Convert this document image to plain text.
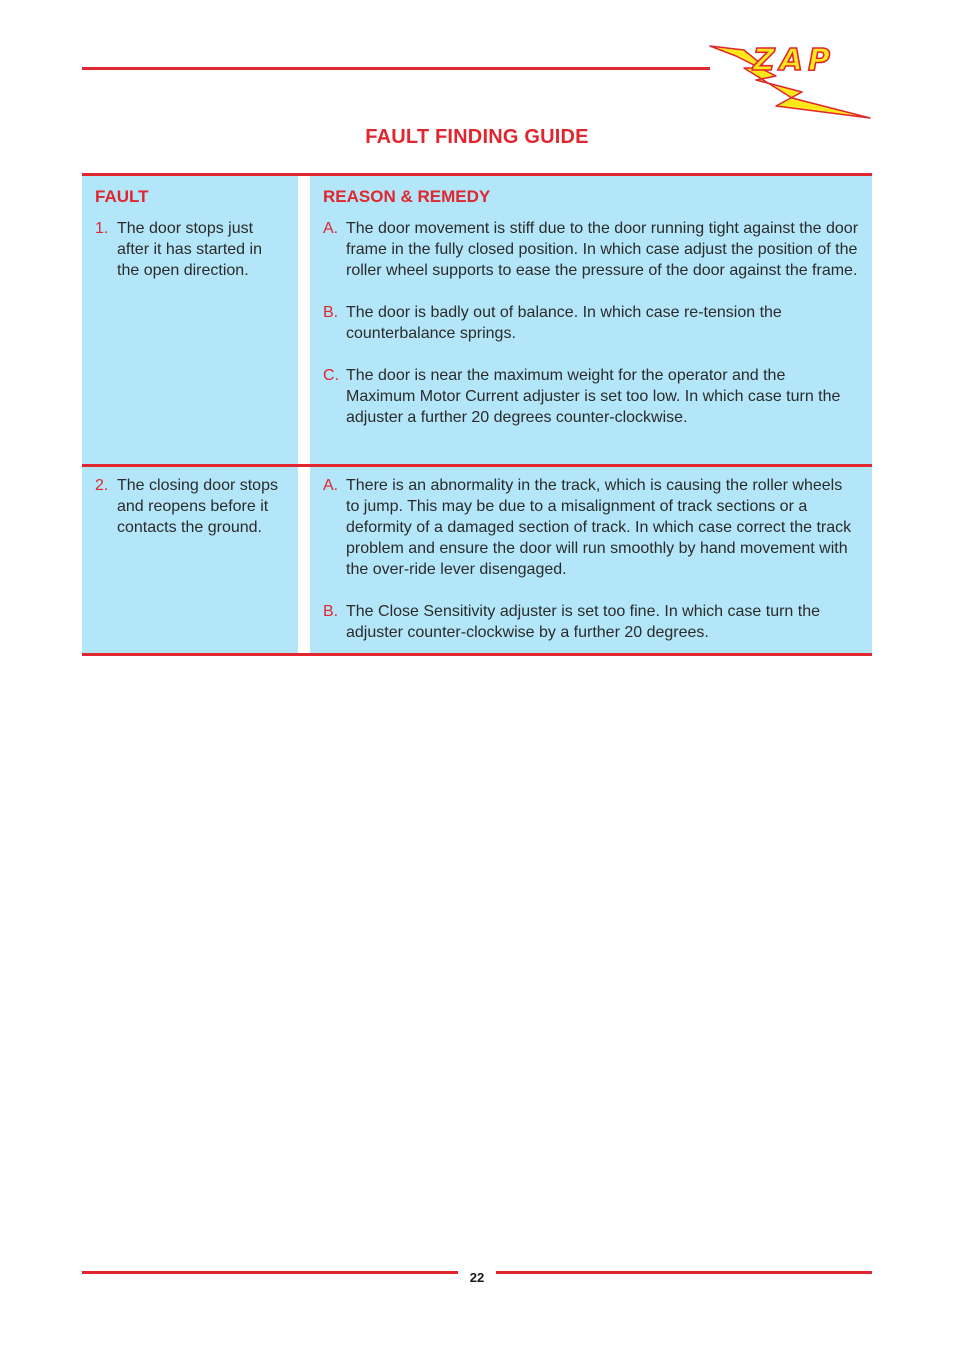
ZAP
FAULT FINDING GUIDE
FAULT
1. The door stops just after it has started in the open direction.
REASON & REMEDY
A. The door movement is stiff due to the door running tight against the door frame in the fully closed position. In which case adjust the position of the roller wheel supports to ease the pressure of the door against the frame.
B. The door is badly out of balance. In which case re-tension the counterbalance springs.
C. The door is near the maximum weight for the operator and the Maximum Motor Current adjuster is set too low. In which case turn the adjuster a further 20 degrees counter-clockwise.
2. The closing door stops and reopens before it contacts the ground.
A. There is an abnormality in the track, which is causing the roller wheels to jump. This may be due to a misalignment of track sections or a deformity of a damaged section of track. In which case correct the track problem and ensure the door will run smoothly by hand movement with the over-ride lever disengaged.
B. The Close Sensitivity adjuster is set too fine. In which case turn the adjuster counter-clockwise by a further 20 degrees.
22
